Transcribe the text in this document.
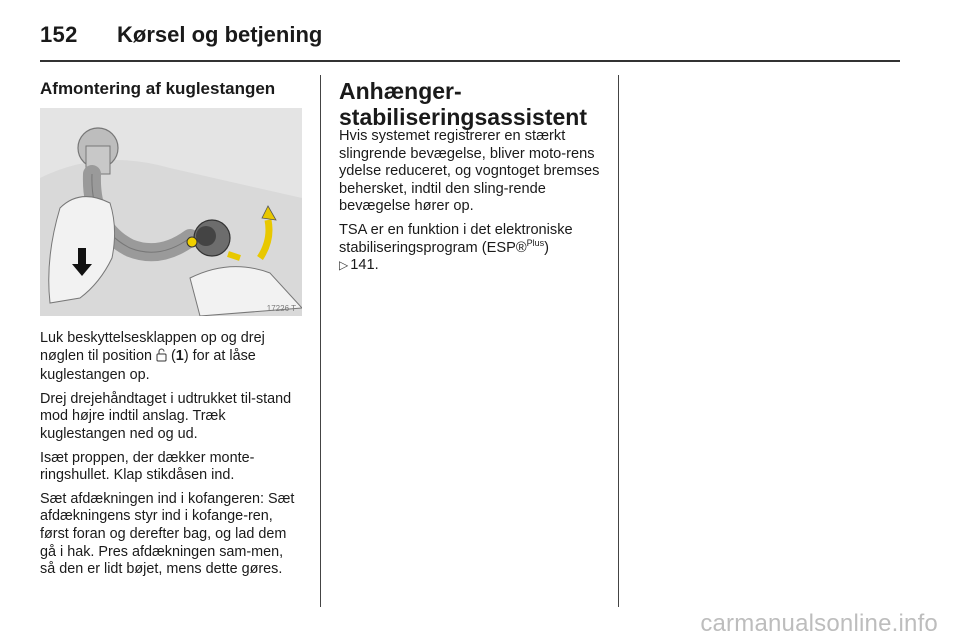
152 Kørsel og betjening
Afmontering af kuglestangen

Luk beskyttelsesklappen op og drej nøglen til position (1) for at låse kuglestangen op.

Drej drejehåndtaget i udtrukket til-stand mod højre indtil anslag. Træk kuglestangen ned og ud.

Isæt proppen, der dækker monte-ringshullet. Klap stikdåsen ind.

Sæt afdækningen ind i kofangeren: Sæt afdækningens styr ind i kofange-ren, først foran og derefter bag, og lad dem gå i hak. Pres afdækningen sam-men, så den er lidt bøjet, mens dette gøres.

17226 T
Anhænger-stabiliseringsassistent

Hvis systemet registrerer en stærkt slingrende bevægelse, bliver moto-rens ydelse reduceret, og vogntoget bremses behersket, indtil den sling-rende bevægelse hører op.

TSA er en funktion i det elektroniske stabiliseringsprogram (ESP®$^{Plus}$)
▷ 141.

carmanualsonline.info
